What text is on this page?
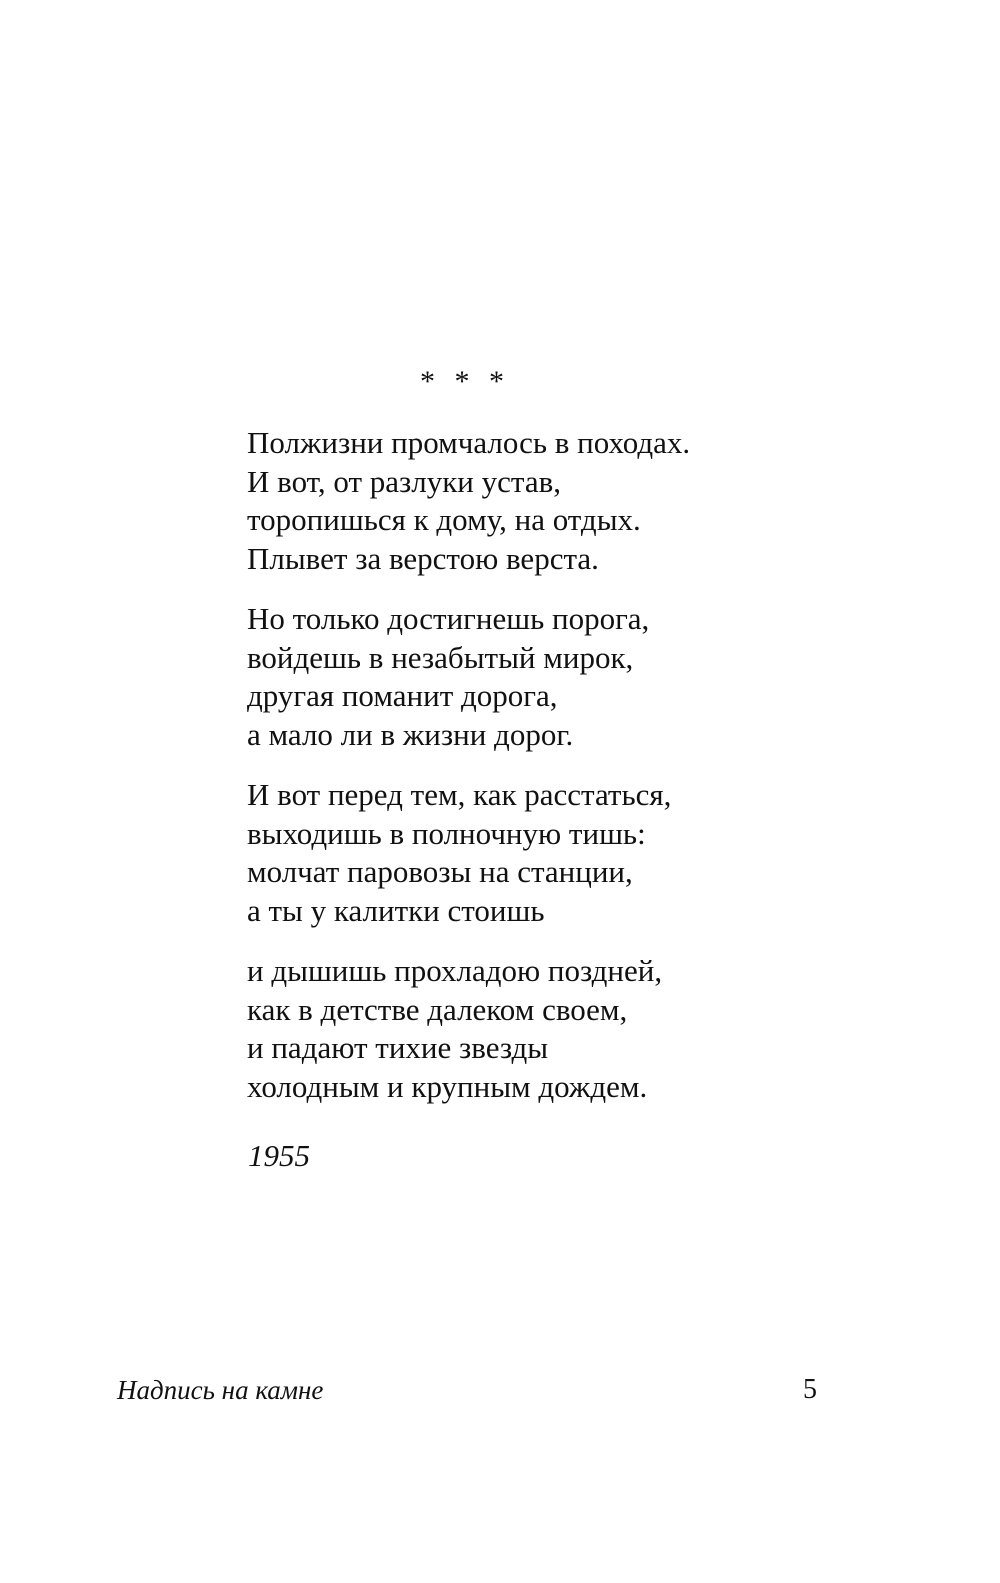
* * *
Полжизни промчалось в походах.
И вот, от разлуки устав,
торопишься к дому, на отдых.
Плывет за верстою верста.
Но только достигнешь порога,
войдешь в незабытый мирок,
другая поманит дорога,
а мало ли в жизни дорог.
И вот перед тем, как расстаться,
выходишь в полночную тишь:
молчат паровозы на станции,
а ты у калитки стоишь
и дышишь прохладою поздней,
как в детстве далеком своем,
и падают тихие звезды
холодным и крупным дождем.
1955
Надпись на камне	5
